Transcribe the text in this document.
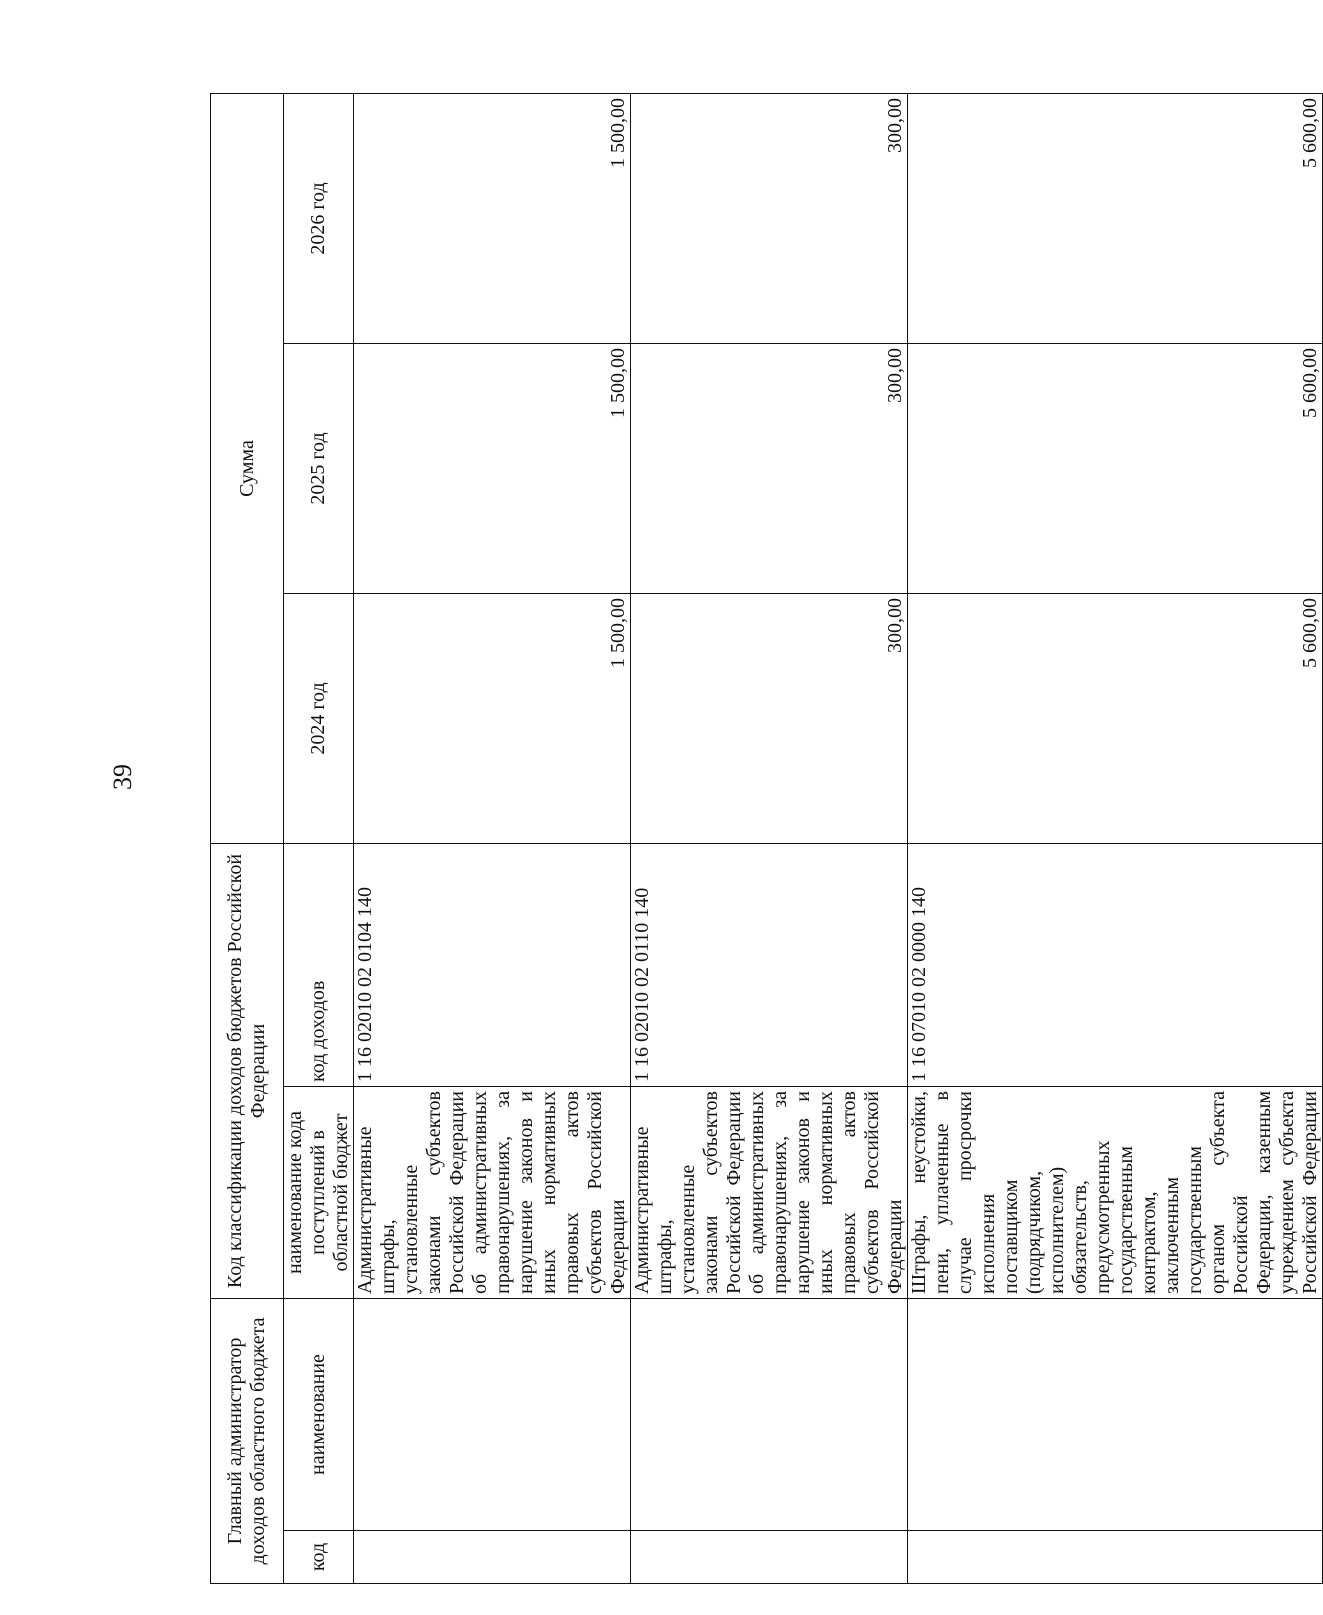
39
Главный администратор доходов областного бюджета		Код классификации доходов бюджетов Российской Федерации		Сумма		
код	наименование	наименование кода поступлений в областной бюджет	код доходов	2024 год	2025 год	2026 год
		Административные штрафы, установленные законами субъектов Российской Федерации об административных правонарушениях, за нарушение законов и иных нормативных правовых актов субъектов Российской Федерации	1 16 02010 02 0104 140	1 500,00	1 500,00	1 500,00
		Административные штрафы, установленные законами субъектов Российской Федерации об административных правонарушениях, за нарушение законов и иных нормативных правовых актов субъектов Российской Федерации	1 16 02010 02 0110 140	300,00	300,00	300,00
		Штрафы, неустойки, пени, уплаченные в случае просрочки исполнения поставщиком (подрядчиком, исполнителем) обязательств, предусмотренных государственным контрактом, заключенным государственным органом субъекта Российской Федерации, казенным учреждением субъекта Российской Федерации	1 16 07010 02 0000 140	5 600,00	5 600,00	5 600,00
